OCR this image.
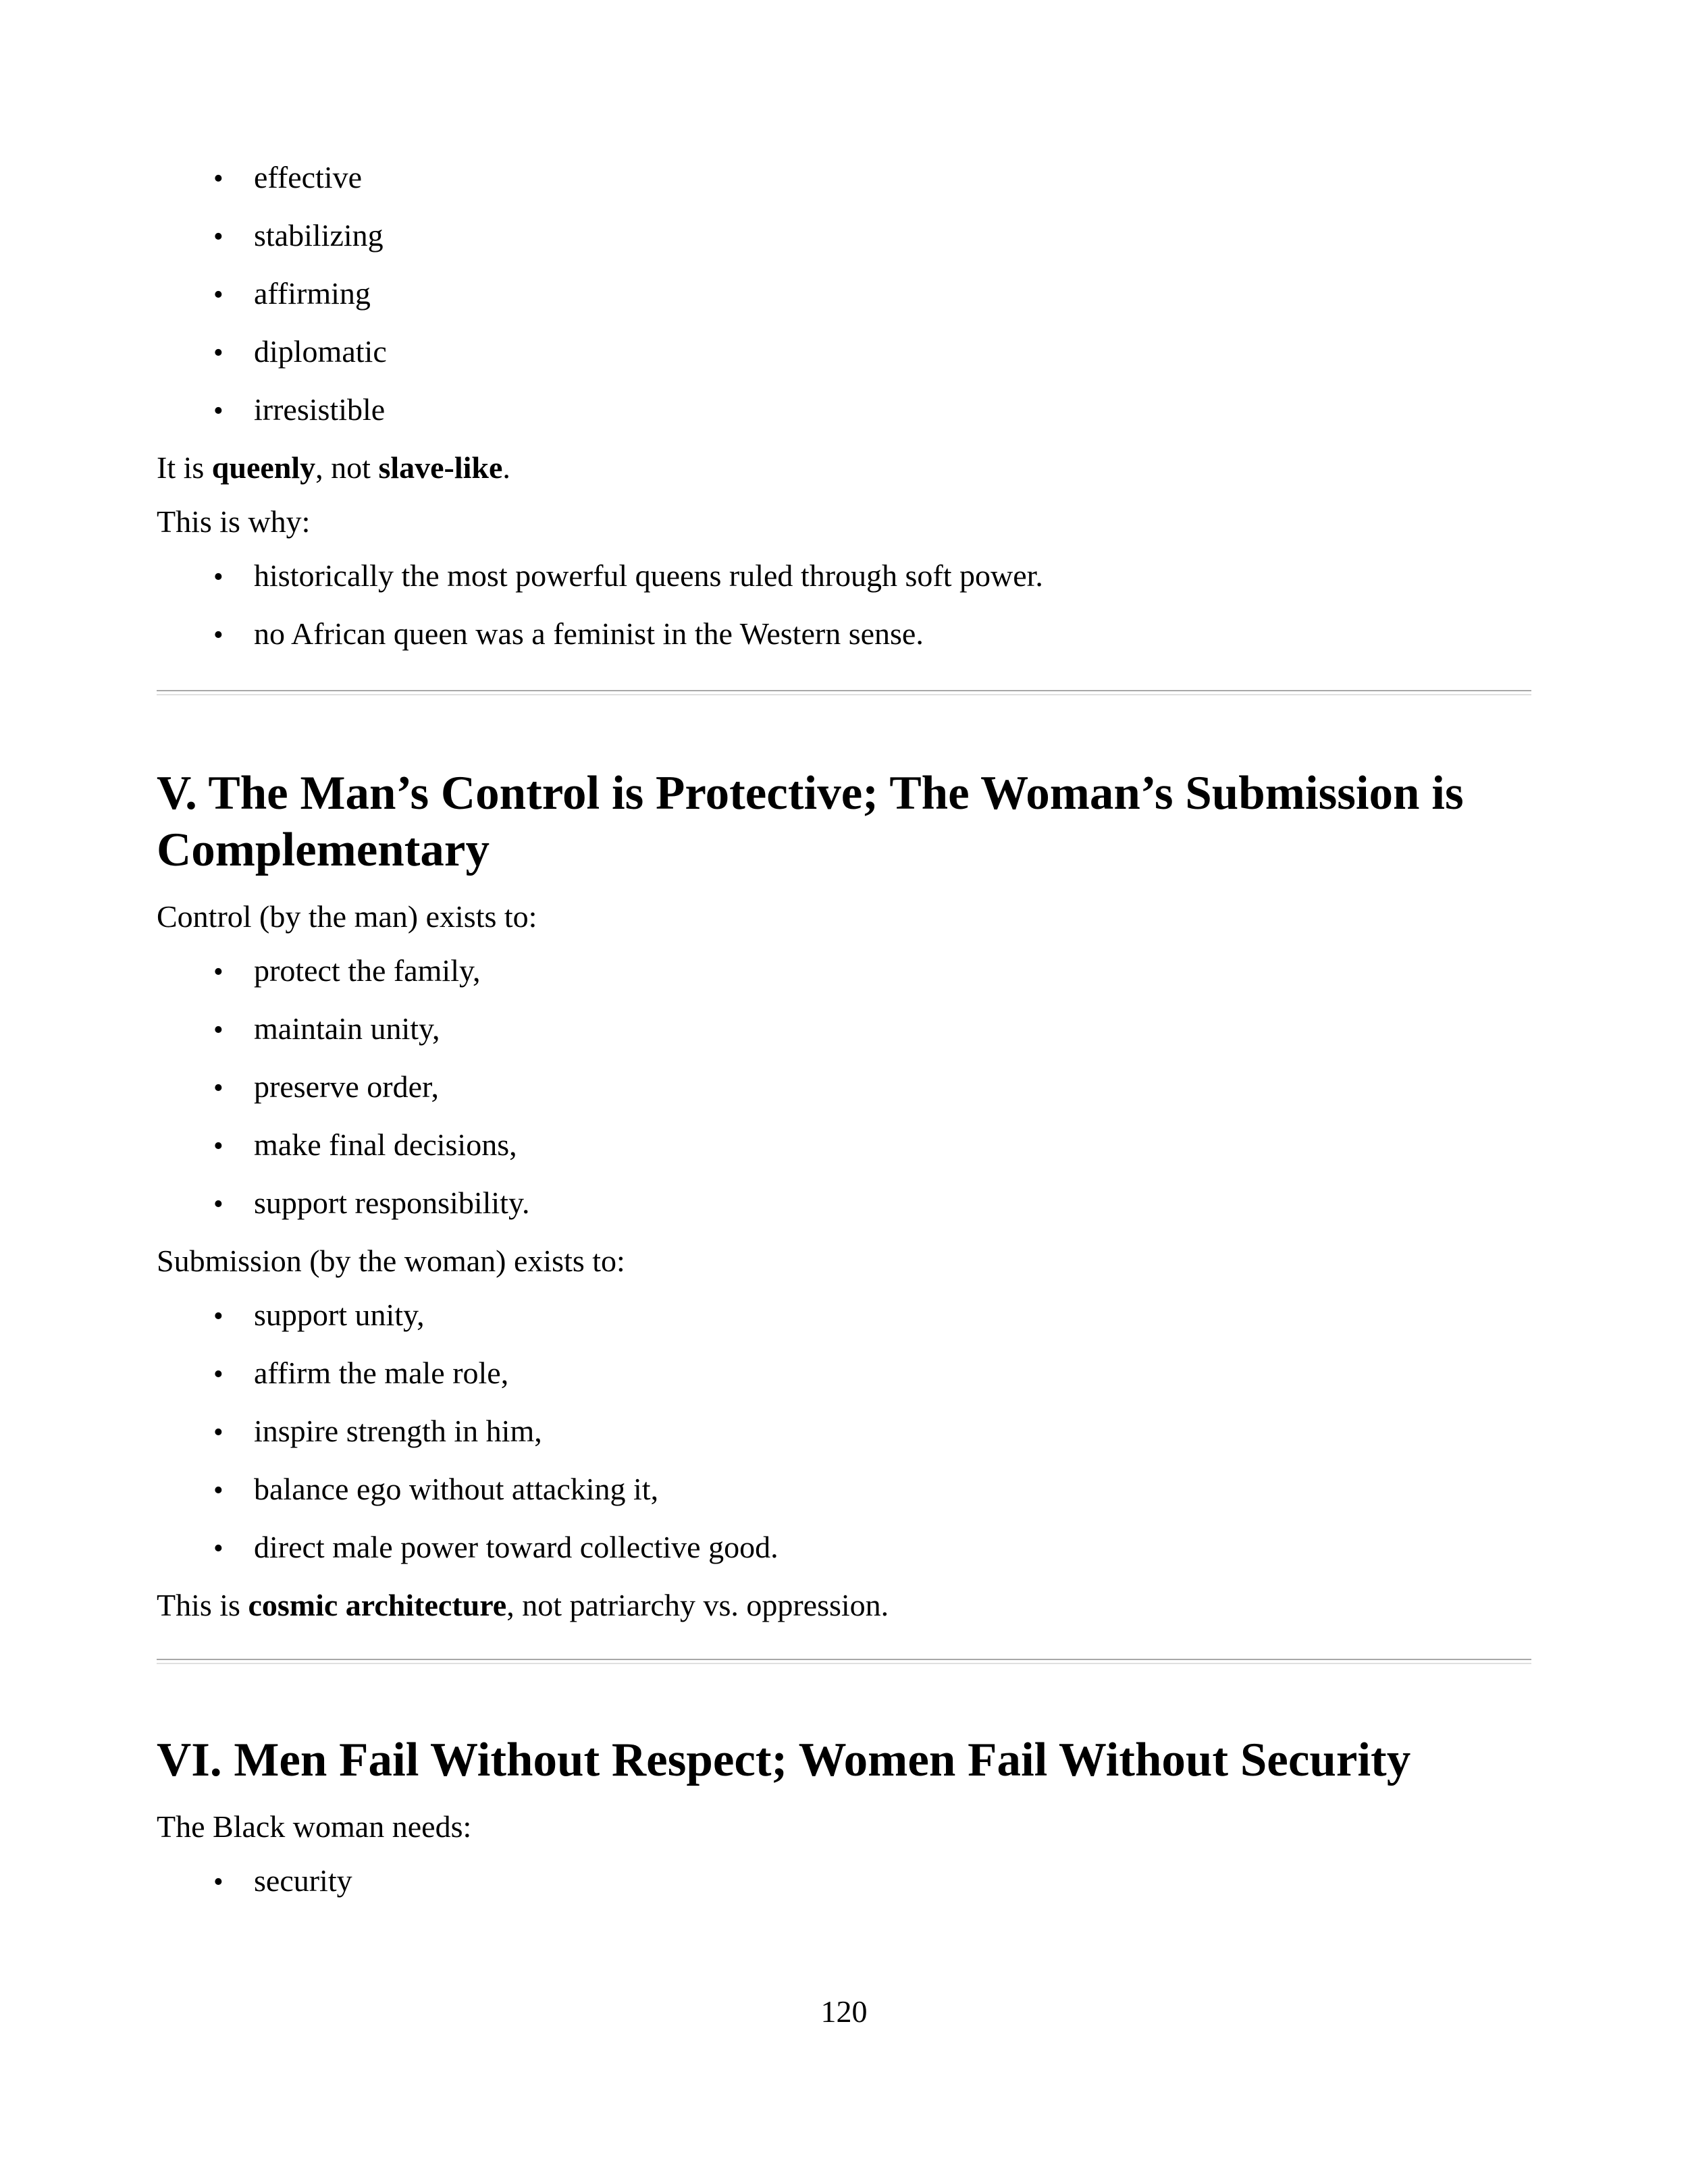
• effective
• stabilizing
• affirming
• diplomatic
• irresistible
It is queenly, not slave-like.
This is why:
• historically the most powerful queens ruled through soft power.
• no African queen was a feminist in the Western sense.
V. The Man’s Control is Protective; The Woman’s Submission is Complementary
Control (by the man) exists to:
• protect the family,
• maintain unity,
• preserve order,
• make final decisions,
• support responsibility.
Submission (by the woman) exists to:
• support unity,
• affirm the male role,
• inspire strength in him,
• balance ego without attacking it,
• direct male power toward collective good.
This is cosmic architecture, not patriarchy vs. oppression.
VI. Men Fail Without Respect; Women Fail Without Security
The Black woman needs:
• security
120
